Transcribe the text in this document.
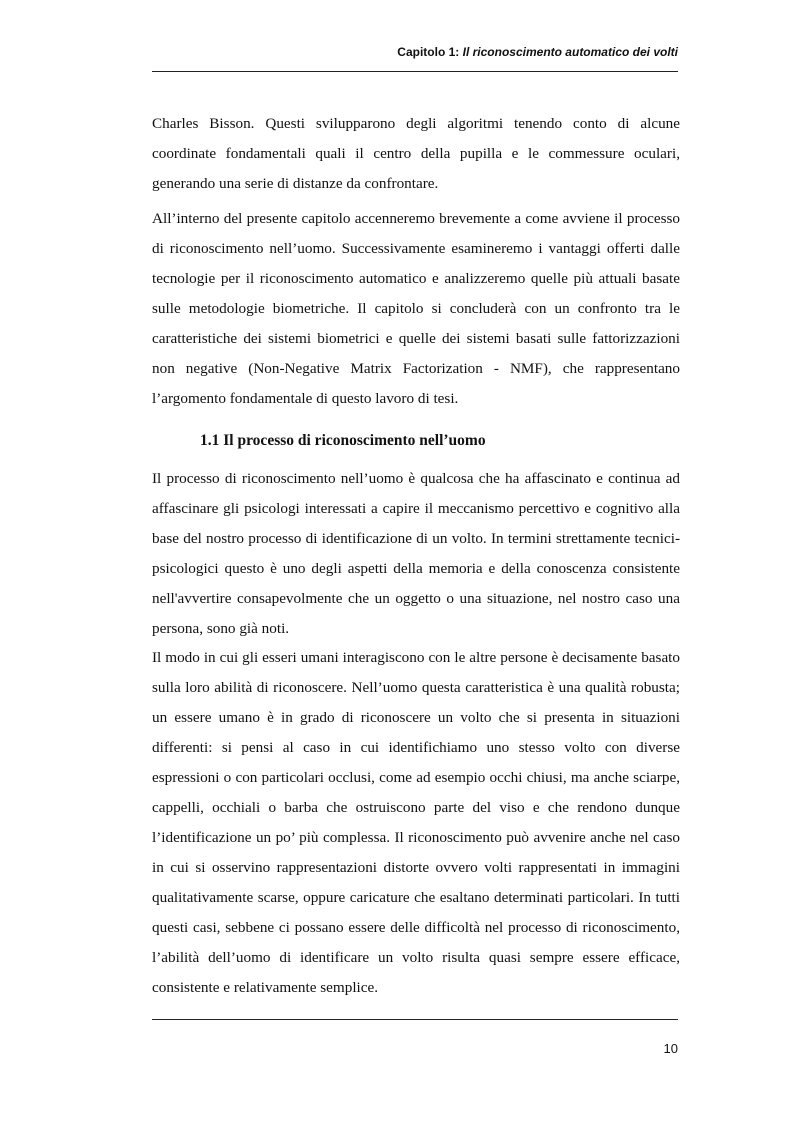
Capitolo 1: Il riconoscimento automatico dei volti

Charles Bisson. Questi svilupparono degli algoritmi tenendo conto di alcune coordinate fondamentali quali il centro della pupilla e le commessure oculari, generando una serie di distanze da confrontare.

All’interno del presente capitolo accenneremo brevemente a come avviene il processo di riconoscimento nell’uomo. Successivamente esamineremo i vantaggi offerti dalle tecnologie per il riconoscimento automatico e analizzeremo quelle più attuali basate sulle metodologie biometriche. Il capitolo si concluderà con un confronto tra le caratteristiche dei sistemi biometrici e quelle dei sistemi basati sulle fattorizzazioni non negative (Non-Negative Matrix Factorization - NMF), che rappresentano l’argomento fondamentale di questo lavoro di tesi.

1.1 Il processo di riconoscimento nell’uomo

Il processo di riconoscimento nell’uomo è qualcosa che ha affascinato e continua ad affascinare gli psicologi interessati a capire il meccanismo percettivo e cognitivo alla base del nostro processo di identificazione di un volto. In termini strettamente tecnici-psicologici questo è uno degli aspetti della memoria e della conoscenza consistente nell'avvertire consapevolmente che un oggetto o una situazione, nel nostro caso una persona, sono già noti.

Il modo in cui gli esseri umani interagiscono con le altre persone è decisamente basato sulla loro abilità di riconoscere. Nell’uomo questa caratteristica è una qualità robusta; un essere umano è in grado di riconoscere un volto che si presenta in situazioni differenti: si pensi al caso in cui identifichiamo uno stesso volto con diverse espressioni o con particolari occlusi, come ad esempio occhi chiusi, ma anche sciarpe, cappelli, occhiali o barba che ostruiscono parte del viso e che rendono dunque l’identificazione un po’ più complessa. Il riconoscimento può avvenire anche nel caso in cui si osservino rappresentazioni distorte ovvero volti rappresentati in immagini qualitativamente scarse, oppure caricature che esaltano determinati particolari. In tutti questi casi, sebbene ci possano essere delle difficoltà nel processo di riconoscimento, l’abilità dell’uomo di identificare un volto risulta quasi sempre essere efficace, consistente e relativamente semplice.

10
